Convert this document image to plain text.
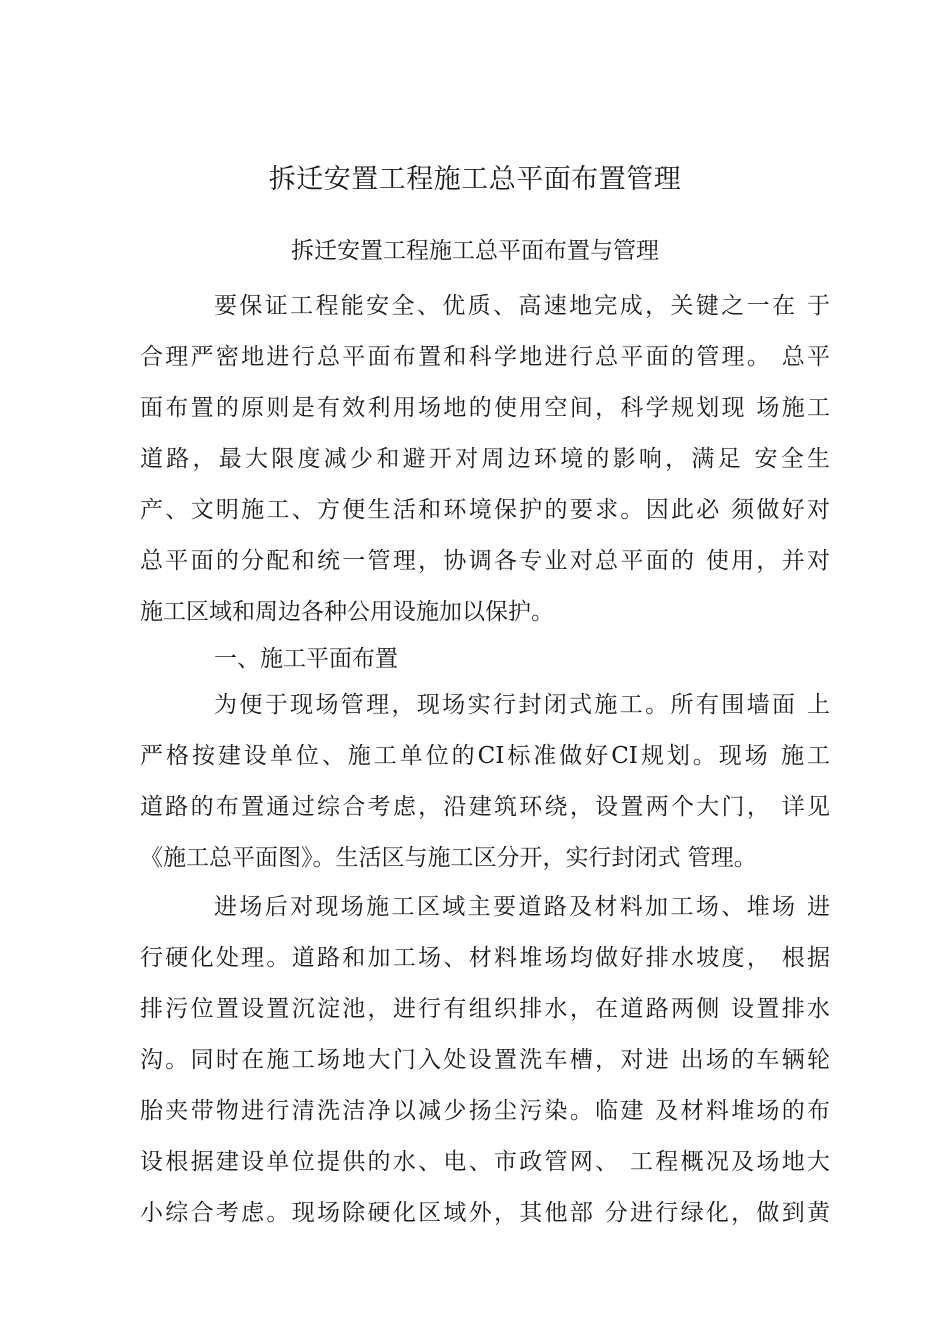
拆迁安置工程施工总平面布置管理
拆迁安置工程施工总平面布置与管理
要保证工程能安全、优质、高速地完成，关键之一在 于
合理严密地进行总平面布置和科学地进行总平面的管理。 总平
面布置的原则是有效利用场地的使用空间，科学规划现 场施工
道路，最大限度减少和避开对周边环境的影响，满足 安全生
产、文明施工、方便生活和环境保护的要求。因此必 须做好对
总平面的分配和统一管理，协调各专业对总平面的 使用，并对
施工区域和周边各种公用设施加以保护。
一、施工平面布置
为便于现场管理，现场实行封闭式施工。所有围墙面 上
严格按建设单位、施工单位的CI标准做好CI规划。现场 施工
道路的布置通过综合考虑，沿建筑环绕，设置两个大门， 详见
《施工总平面图》。生活区与施工区分开，实行封闭式 管理。
进场后对现场施工区域主要道路及材料加工场、堆场 进
行硬化处理。道路和加工场、材料堆场均做好排水坡度， 根据
排污位置设置沉淀池，进行有组织排水，在道路两侧 设置排水
沟。同时在施工场地大门入处设置洗车槽，对进 出场的车辆轮
胎夹带物进行清洗洁净以减少扬尘污染。临建 及材料堆场的布
设根据建设单位提供的水、电、市政管网、 工程概况及场地大
小综合考虑。现场除硬化区域外，其他部 分进行绿化，做到黄
